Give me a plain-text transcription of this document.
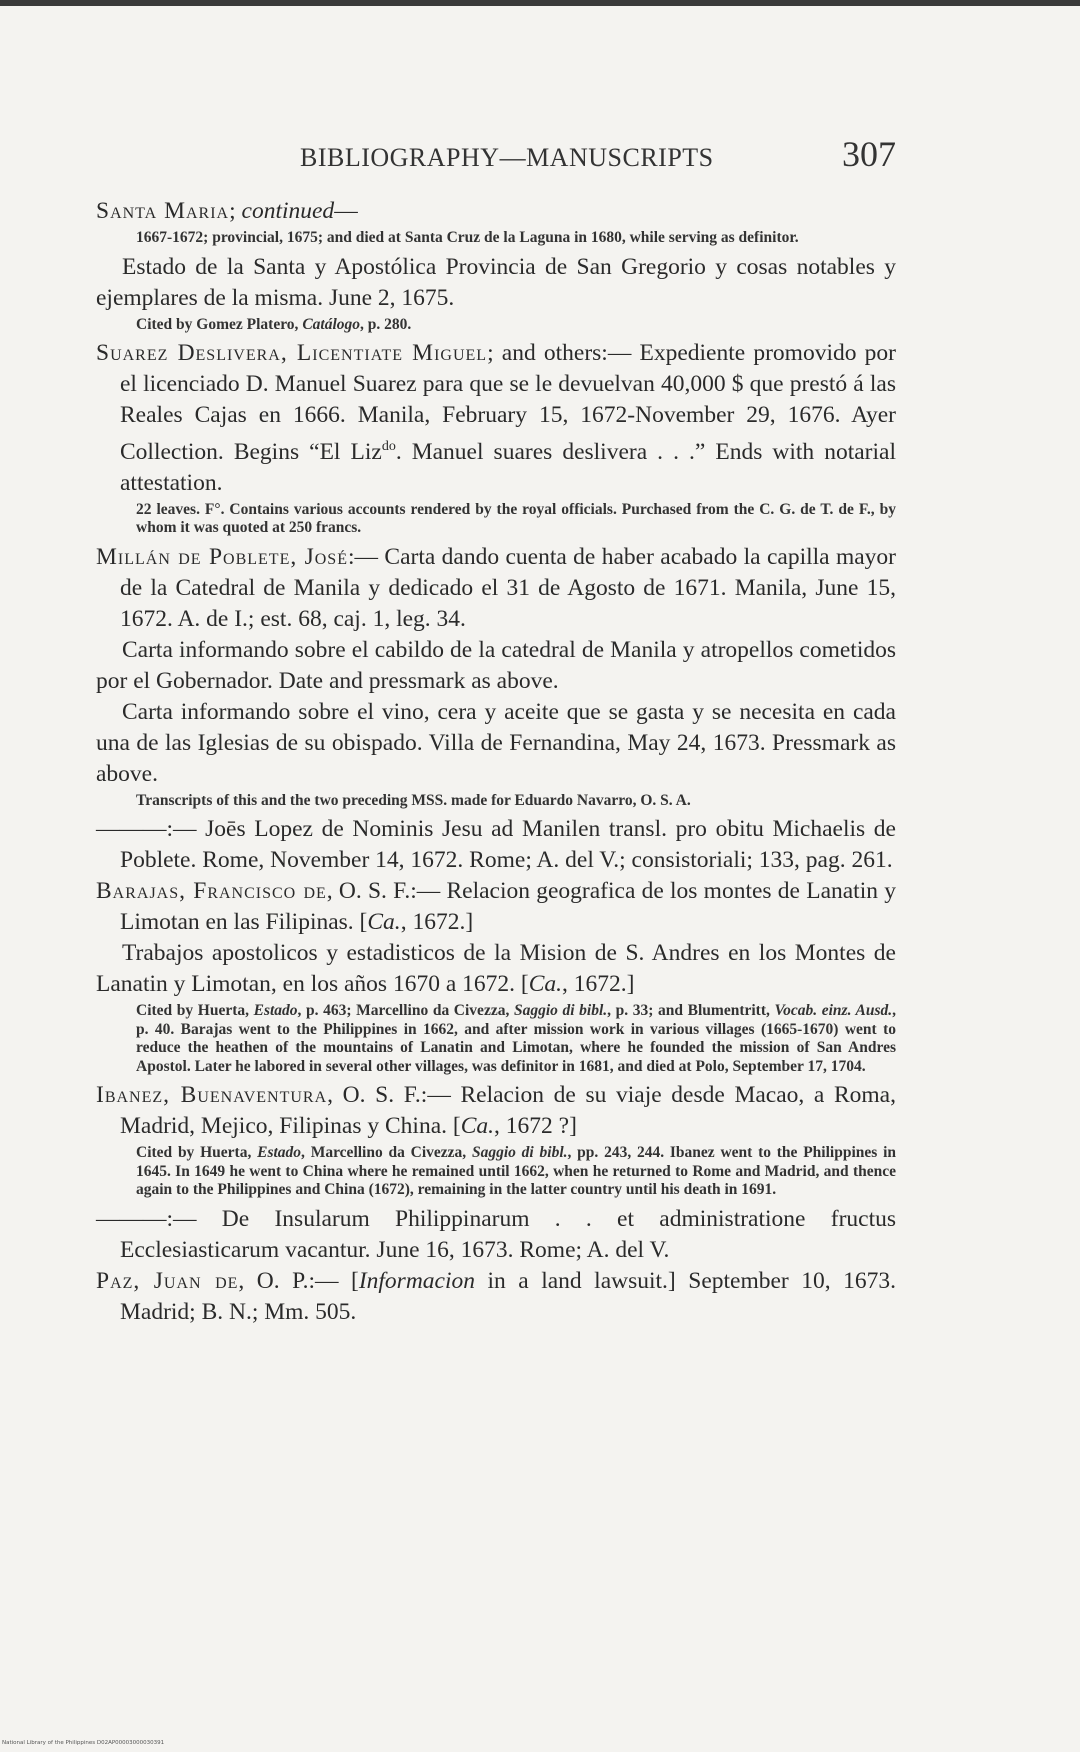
BIBLIOGRAPHY—MANUSCRIPTS	307

Santa Maria; continued—

1667-1672; provincial, 1675; and died at Santa Cruz de la Laguna in 1680, while serving as definitor.

Estado de la Santa y Apostólica Provincia de San Gregorio y cosas notables y ejemplares de la misma. June 2, 1675.

Cited by Gomez Platero, Catálogo, p. 280.

Suarez Deslivera, Licentiate Miguel; and others:— Expediente promovido por el licenciado D. Manuel Suarez para que se le devuelvan 40,000 $ que prestó á las Reales Cajas en 1666. Manila, February 15, 1672-November 29, 1676. Ayer Collection. Begins “El Liz$^{do}$. Manuel suares deslivera . . .” Ends with notarial attestation.

22 leaves. F°. Contains various accounts rendered by the royal officials. Purchased from the C. G. de T. de F., by whom it was quoted at 250 francs.

Millán de Poblete, José:— Carta dando cuenta de haber acabado la capilla mayor de la Catedral de Manila y dedicado el 31 de Agosto de 1671. Manila, June 15, 1672. A. de I.; est. 68, caj. 1, leg. 34.

Carta informando sobre el cabildo de la catedral de Manila y atropellos cometidos por el Gobernador. Date and pressmark as above.

Carta informando sobre el vino, cera y aceite que se gasta y se necesita en cada una de las Iglesias de su obispado. Villa de Fernandina, May 24, 1673. Pressmark as above.

Transcripts of this and the two preceding MSS. made for Eduardo Navarro, O. S. A.

———:— Joēs Lopez de Nominis Jesu ad Manilen transl. pro obitu Michaelis de Poblete. Rome, November 14, 1672. Rome; A. del V.; consistoriali; 133, pag. 261.

Barajas, Francisco de, O. S. F.:— Relacion geografica de los montes de Lanatin y Limotan en las Filipinas. [Ca., 1672.]

Trabajos apostolicos y estadisticos de la Mision de S. Andres en los Montes de Lanatin y Limotan, en los años 1670 a 1672. [Ca., 1672.]

Cited by Huerta, Estado, p. 463; Marcellino da Civezza, Saggio di bibl., p. 33; and Blumentritt, Vocab. einz. Ausd., p. 40. Barajas went to the Philippines in 1662, and after mission work in various villages (1665-1670) went to reduce the heathen of the mountains of Lanatin and Limotan, where he founded the mission of San Andres Apostol. Later he labored in several other villages, was definitor in 1681, and died at Polo, September 17, 1704.

Ibanez, Buenaventura, O. S. F.:— Relacion de su viaje desde Macao, a Roma, Madrid, Mejico, Filipinas y China. [Ca., 1672 ?]

Cited by Huerta, Estado, Marcellino da Civezza, Saggio di bibl., pp. 243, 244. Ibanez went to the Philippines in 1645. In 1649 he went to China where he remained until 1662, when he returned to Rome and Madrid, and thence again to the Philippines and China (1672), remaining in the latter country until his death in 1691.

———:— De Insularum Philippinarum . . et administratione fructus Ecclesiasticarum vacantur. June 16, 1673. Rome; A. del V.

Paz, Juan de, O. P.:— [Informacion in a land lawsuit.] September 10, 1673. Madrid; B. N.; Mm. 505.

National Library of the Philippines D02AP00003000030391
